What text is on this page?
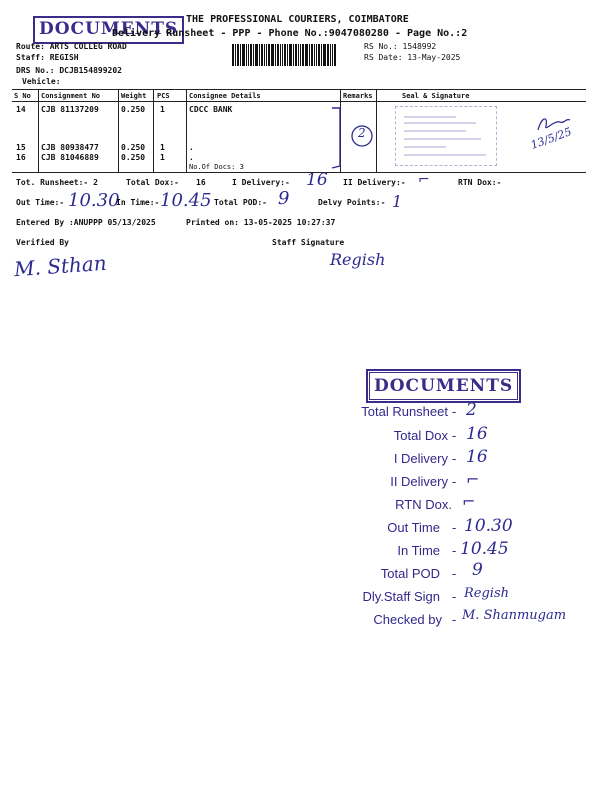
DOCUMENTS THE PROFESSIONAL COURIERS, COIMBATORE
Delivery Runsheet - PPP - Phone No.:9047080280 - Page No.:2
Route: ARTS COLLEG ROAD
Staff: REGISH
DRS No.: DCJB154899202
Vehicle:
RS No.: 1548992
RS Date: 13-May-2025
S No Consignment No	Weight PCS	Consignee Details	Remarks	Seal & Signature
14 CJB 81137209	0.250 1	CDCC BANK
15 CJB 80938477	0.250 1	.
16 CJB 81046889	0.250 1	.
No.Of Docs: 3
2	13/5/25
Tot. Runsheet:- 2	Total Dox:- 16	I Delivery:- 16 II Delivery:- ⌐	RTN Dox:-
Out Time:- 10.30
In Time:- 10.45 Total POD:- 9	Delvy Points:- 1
Entered By :ANUPPP 05/13/2025	Printed on: 13-05-2025 10:27:37
Verified By	Staff Signature
M. Sthan	Regish
DOCUMENTS
Total Runsheet - 2
Total Dox - 16
I Delivery - 16
II Delivery - ⌐
RTN Dox. ⌐
Out Time - 10.30
In Time - 10.45
Total POD - 9
Dly.Staff Sign - Regish
Checked by - M. Shanmugam
